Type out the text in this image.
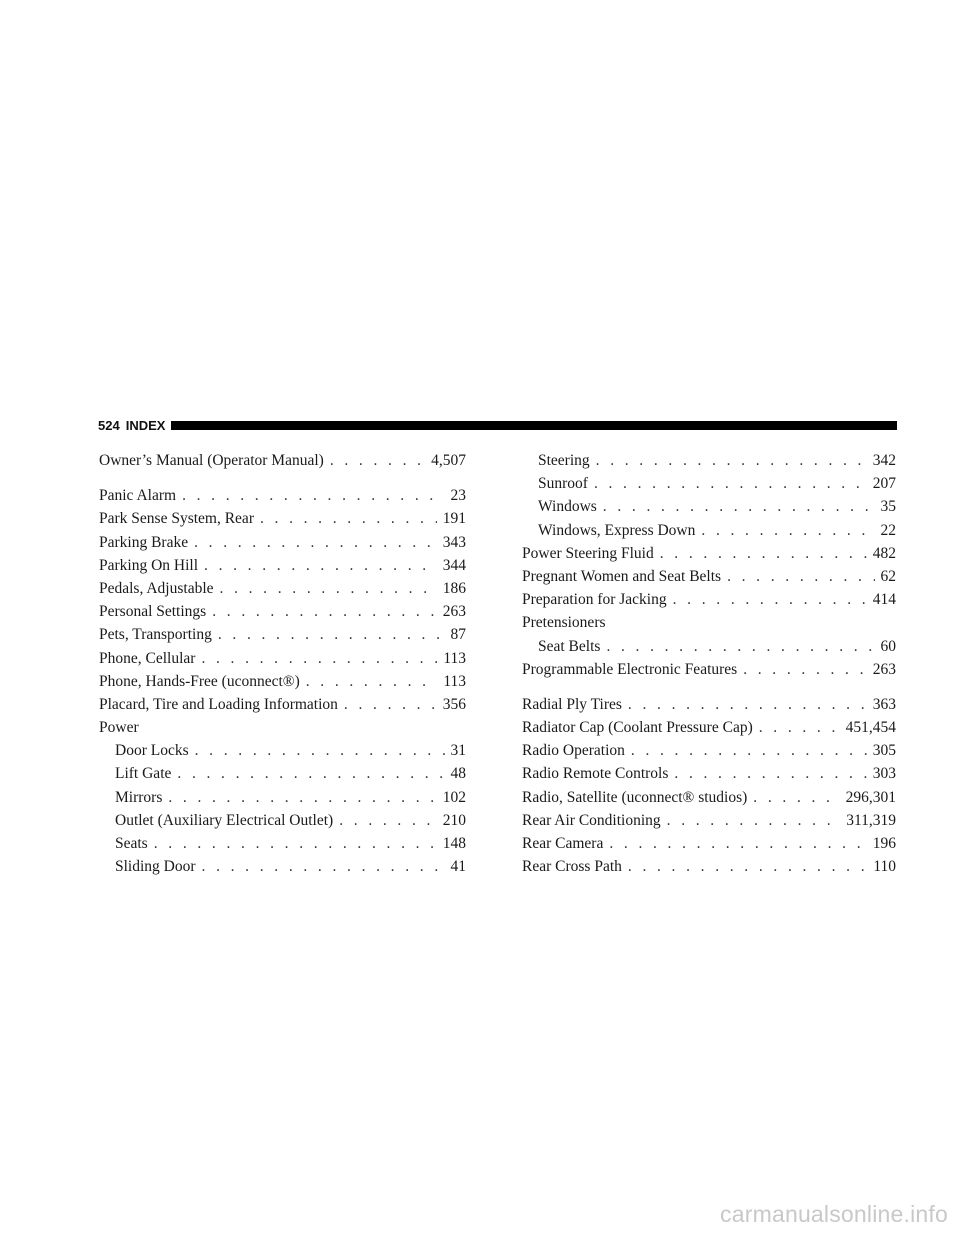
524 INDEX
Owner’s Manual (Operator Manual) . . .	4,507
Panic Alarm . . .	23
Park Sense System, Rear . . .	191
Parking Brake . . .	343
Parking On Hill . . .	344
Pedals, Adjustable . . .	186
Personal Settings . . .	263
Pets, Transporting . . .	87
Phone, Cellular . . .	113
Phone, Hands-Free (uconnect®) . . .	113
Placard, Tire and Loading Information . . .	356
Power
Door Locks . . .	31
Lift Gate . . .	48
Mirrors . . .	102
Outlet (Auxiliary Electrical Outlet) . . .	210
Seats . . .	148
Sliding Door . . .	41
Steering . . .	342
Sunroof . . .	207
Windows . . .	35
Windows, Express Down . . .	22
Power Steering Fluid . . .	482
Pregnant Women and Seat Belts . . .	62
Preparation for Jacking . . .	414
Pretensioners
Seat Belts . . .	60
Programmable Electronic Features . . .	263
Radial Ply Tires . . .	363
Radiator Cap (Coolant Pressure Cap) . . .	451,454
Radio Operation . . .	305
Radio Remote Controls . . .	303
Radio, Satellite (uconnect® studios) . . .	296,301
Rear Air Conditioning . . .	311,319
Rear Camera . . .	196
Rear Cross Path . . .	110
carmanualsonline.info
